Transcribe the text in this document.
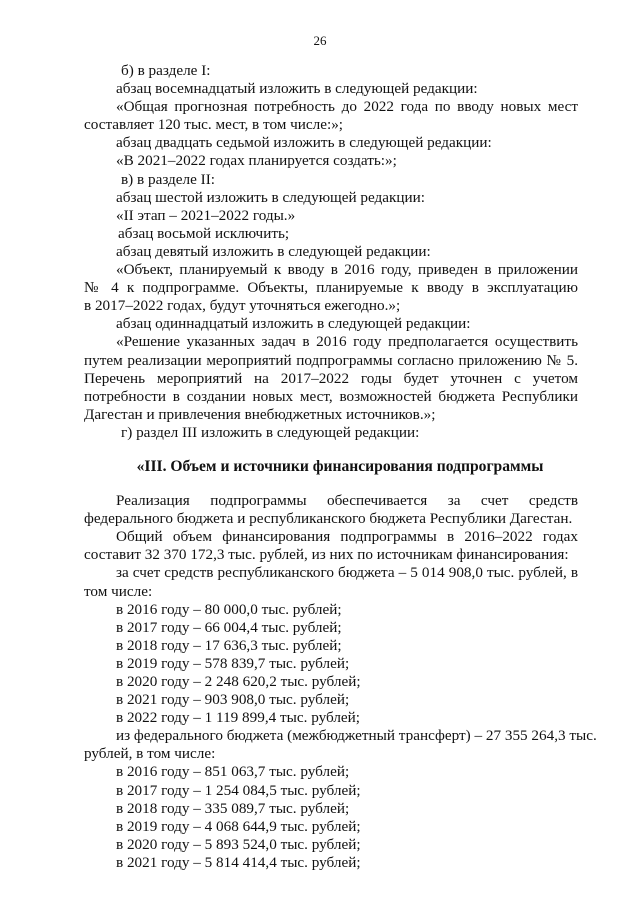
26
б) в разделе I:
абзац восемнадцатый изложить в следующей редакции:
«Общая прогнозная потребность до 2022 года по вводу новых мест
составляет 120 тыс. мест, в том числе:»;
абзац двадцать седьмой изложить в следующей редакции:
«В 2021–2022 годах планируется создать:»;
в) в разделе II:
абзац шестой изложить в следующей редакции:
«II этап – 2021–2022 годы.»
абзац восьмой исключить;
абзац девятый изложить в следующей редакции:
«Объект, планируемый к вводу в 2016 году, приведен в приложении
№ 4 к подпрограмме. Объекты, планируемые к вводу в эксплуатацию
в 2017–2022 годах, будут уточняться ежегодно.»;
абзац одиннадцатый изложить в следующей редакции:
«Решение указанных задач в 2016 году предполагается осуществить
путем реализации мероприятий подпрограммы согласно приложению № 5.
Перечень мероприятий на 2017–2022 годы будет уточнен с учетом
потребности в создании новых мест, возможностей бюджета Республики
Дагестан и привлечения внебюджетных источников.»;
г) раздел III изложить в следующей редакции:
«III. Объем и источники финансирования подпрограммы
Реализация подпрограммы обеспечивается за счет средств
федерального бюджета и республиканского бюджета Республики Дагестан.
Общий объем финансирования подпрограммы в 2016–2022 годах
составит 32 370 172,3 тыс. рублей, из них по источникам финансирования:
за счет средств республиканского бюджета – 5 014 908,0 тыс. рублей, в
том числе:
в 2016 году – 80 000,0 тыс. рублей;
в 2017 году – 66 004,4 тыс. рублей;
в 2018 году – 17 636,3 тыс. рублей;
в 2019 году – 578 839,7 тыс. рублей;
в 2020 году – 2 248 620,2 тыс. рублей;
в 2021 году – 903 908,0 тыс. рублей;
в 2022 году – 1 119 899,4 тыс. рублей;
из федерального бюджета (межбюджетный трансферт) – 27 355 264,3 тыс.
рублей, в том числе:
в 2016 году – 851 063,7 тыс. рублей;
в 2017 году – 1 254 084,5 тыс. рублей;
в 2018 году – 335 089,7 тыс. рублей;
в 2019 году – 4 068 644,9 тыс. рублей;
в 2020 году – 5 893 524,0 тыс. рублей;
в 2021 году – 5 814 414,4 тыс. рублей;
